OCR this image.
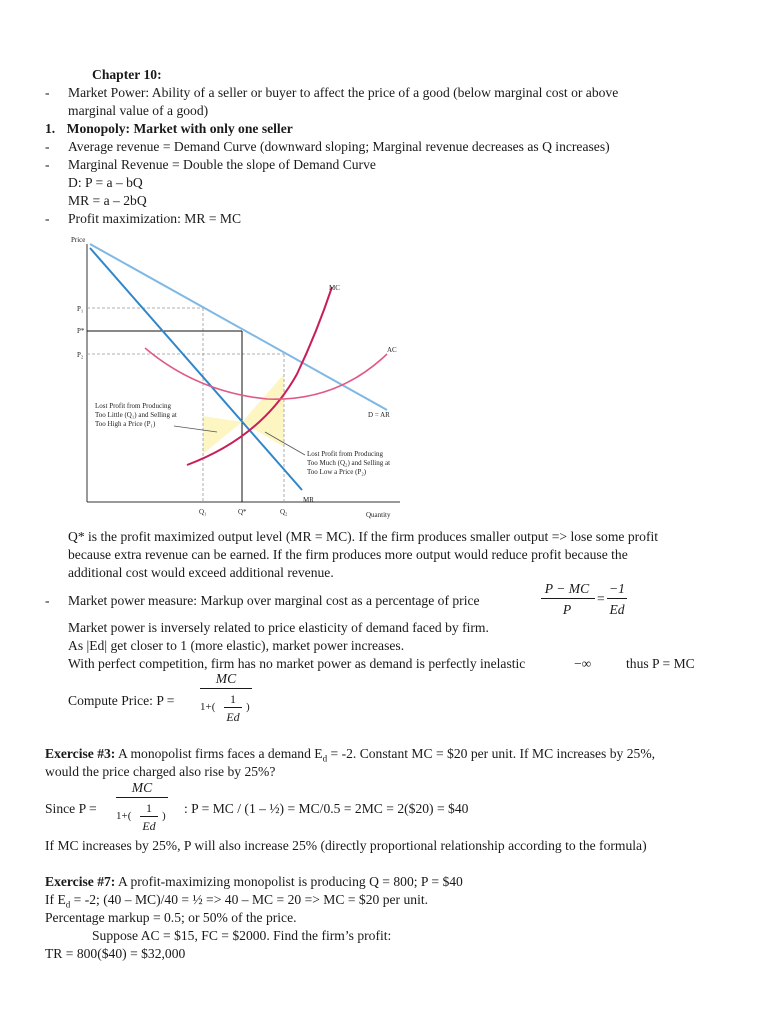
Chapter 10:
- Market Power: Ability of a seller or buyer to affect the price of a good (below marginal cost or above
marginal value of a good)
1. Monopoly: Market with only one seller
- Average revenue = Demand Curve (downward sloping; Marginal revenue decreases as Q increases)
- Marginal Revenue = Double the slope of Demand Curve
D: P = a – bQ
MR = a – 2bQ
- Profit maximization: MR = MC
Price
Quantity
P₁
P*
P₂
Q₁	Q*	Q₂
MC
AC
D = AR
MR
Lost Profit from Producing
Too Little (Q₁) and Selling at
Too High a Price (P₁)
Lost Profit from Producing
Too Much (Q₂) and Selling at
Too Low a Price (P₂)
Q* is the profit maximized output level (MR = MC). If the firm produces smaller output => lose some profit
because extra revenue can be earned. If the firm produces more output would reduce profit because the
additional cost would exceed additional revenue.
- Market power measure: Markup over marginal cost as a percentage of price
P − MC
P
=
−1
Ed
Market power is inversely related to price elasticity of demand faced by firm.
As |Ed| get closer to 1 (more elastic), market power increases.
With perfect competition, firm has no market power as demand is perfectly inelastic	−∞	thus P = MC
Compute Price: P =
MC
1+(
1
Ed
)
Exercise #3: A monopolist firms faces a demand $E_d = -2$. Constant MC = $20 per unit. If MC increases by 25%,
would the price charged also rise by 25%?
Since P =
MC
1+(
1
Ed
) : P = MC / (1 – ½) = MC/0.5 = 2MC = 2($20) = $40
If MC increases by 25%, P will also increase 25% (directly proportional relationship according to the formula)
Exercise #7: A profit-maximizing monopolist is producing Q = 800; P = $40
If $E_d = -2$; (40 – MC)/40 = ½ => 40 – MC = 20 => MC = $20 per unit.
Percentage markup = 0.5; or 50% of the price.
Suppose AC = $15, FC = $2000. Find the firm’s profit:
TR = 800($40) = $32,000
